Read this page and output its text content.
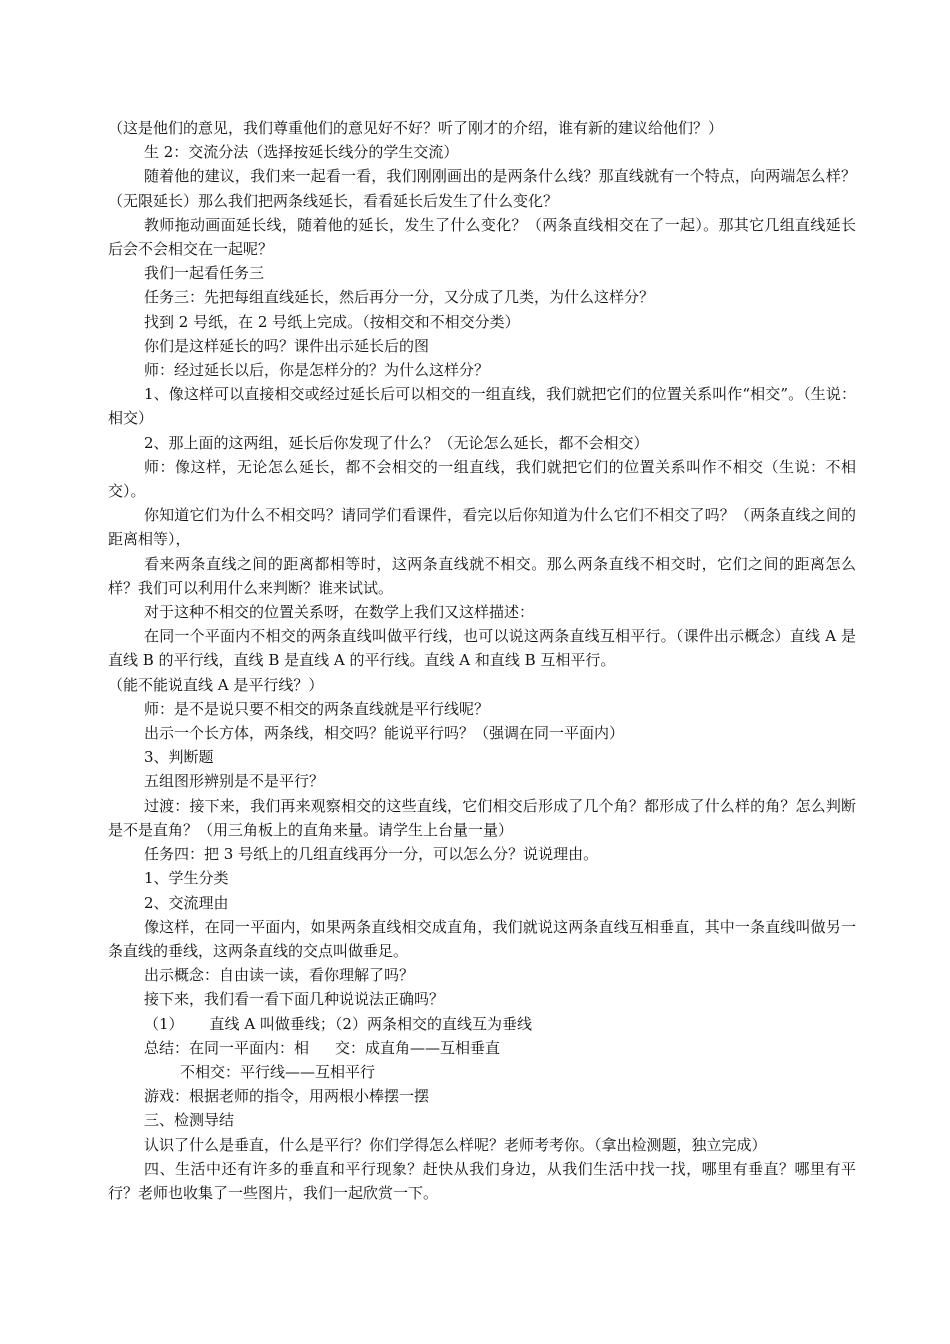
（这是他们的意见，我们尊重他们的意见好不好？听了刚才的介绍，谁有新的建议给他们？）

生 2：交流分法（选择按延长线分的学生交流）

随着他的建议，我们来一起看一看，我们刚刚画出的是两条什么线？那直线就有一个特点，向两端怎么样？（无限延长）那么我们把两条线延长，看看延长后发生了什么变化？

教师拖动画面延长线，随着他的延长，发生了什么变化？（两条直线相交在了一起）。那其它几组直线延长后会不会相交在一起呢？

我们一起看任务三

任务三：先把每组直线延长，然后再分一分，又分成了几类，为什么这样分？

找到 2 号纸，在 2 号纸上完成。（按相交和不相交分类）

你们是这样延长的吗？课件出示延长后的图

师：经过延长以后，你是怎样分的？为什么这样分？

1、像这样可以直接相交或经过延长后可以相交的一组直线，我们就把它们的位置关系叫作“相交”。（生说：相交）

2、那上面的这两组，延长后你发现了什么？（无论怎么延长，都不会相交）

师：像这样，无论怎么延长，都不会相交的一组直线，我们就把它们的位置关系叫作不相交（生说：不相交）。

你知道它们为什么不相交吗？请同学们看课件，看完以后你知道为什么它们不相交了吗？（两条直线之间的距离相等），

看来两条直线之间的距离都相等时，这两条直线就不相交。那么两条直线不相交时，它们之间的距离怎么样？我们可以利用什么来判断？谁来试试。

对于这种不相交的位置关系呀，在数学上我们又这样描述：

在同一个平面内不相交的两条直线叫做平行线，也可以说这两条直线互相平行。（课件出示概念）直线 A 是直线 B 的平行线，直线 B 是直线 A 的平行线。直线 A 和直线 B 互相平行。

（能不能说直线 A 是平行线？）

师：是不是说只要不相交的两条直线就是平行线呢？

出示一个长方体，两条线，相交吗？能说平行吗？（强调在同一平面内）

3、判断题

五组图形辨别是不是平行？

过渡：接下来，我们再来观察相交的这些直线，它们相交后形成了几个角？都形成了什么样的角？怎么判断是不是直角？（用三角板上的直角来量。请学生上台量一量）

任务四：把 3 号纸上的几组直线再分一分，可以怎么分？说说理由。

1、学生分类

2、交流理由

像这样，在同一平面内，如果两条直线相交成直角，我们就说这两条直线互相垂直，其中一条直线叫做另一条直线的垂线，这两条直线的交点叫做垂足。

出示概念：自由读一读，看你理解了吗？

接下来，我们看一看下面几种说说法正确吗？

（1） 直线 A 叫做垂线；（2）两条相交的直线互为垂线

总结：在同一平面内：相 交：成直角——互相垂直

不相交：平行线——互相平行

游戏：根据老师的指令，用两根小棒摆一摆

三、检测导结

认识了什么是垂直，什么是平行？你们学得怎么样呢？老师考考你。（拿出检测题，独立完成）

四、生活中还有许多的垂直和平行现象？赶快从我们身边，从我们生活中找一找，哪里有垂直？哪里有平行？老师也收集了一些图片，我们一起欣赏一下。
